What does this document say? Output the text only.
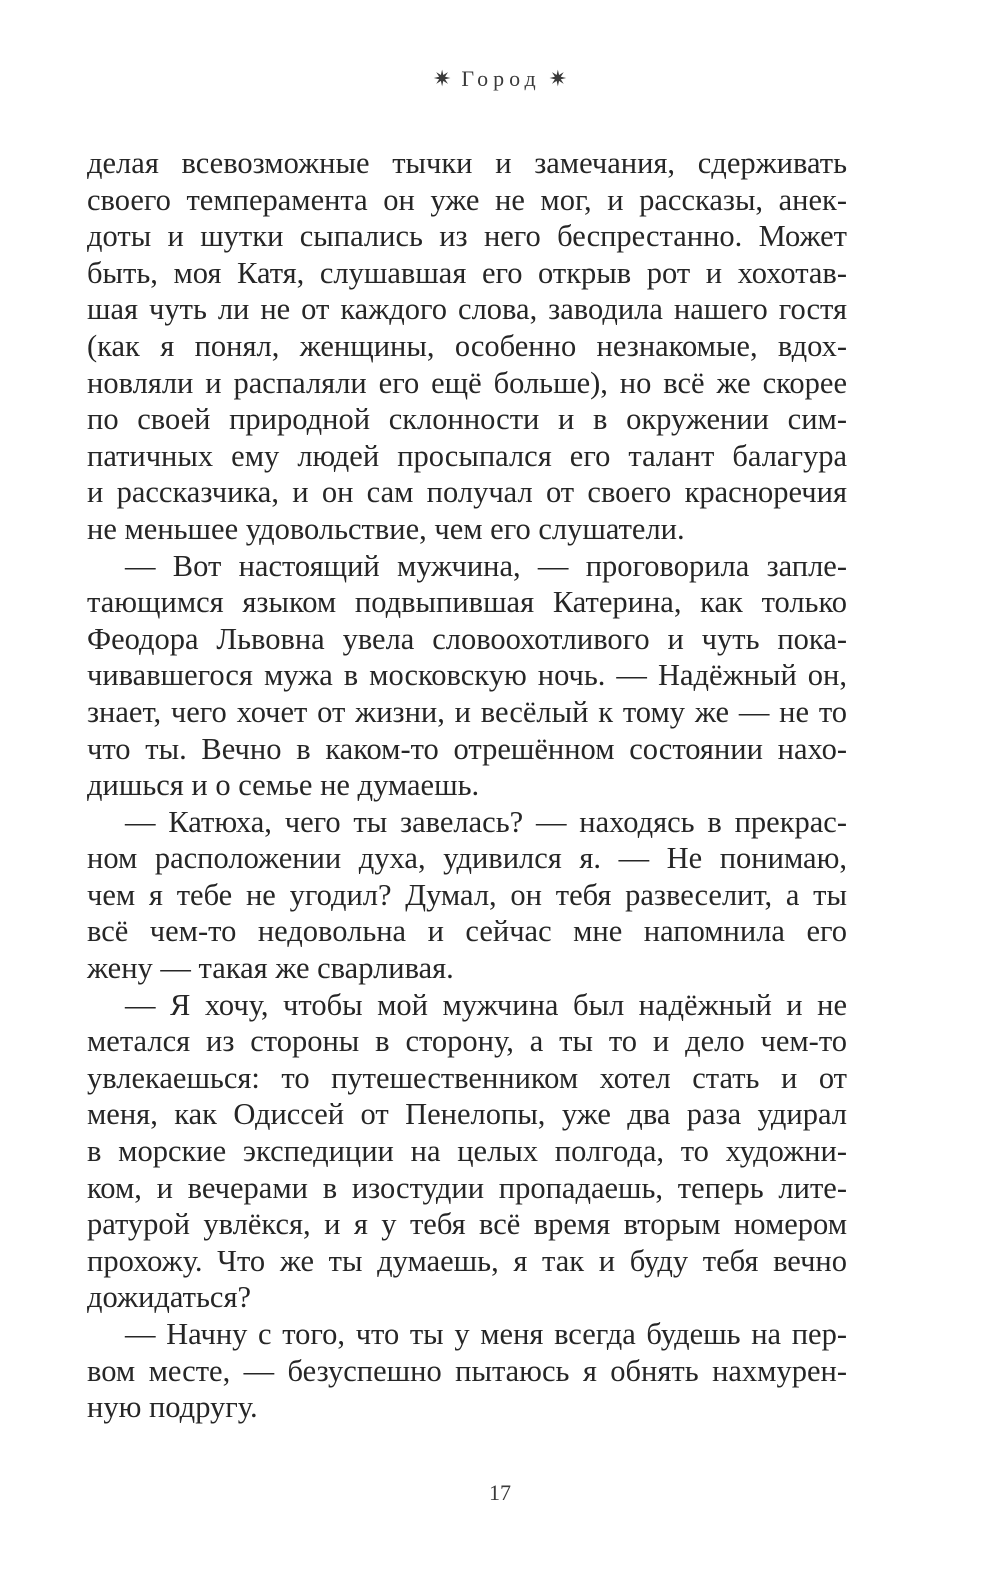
✷ Город ✷
делая всевозможные тычки и замечания, сдерживать
своего темперамента он уже не мог, и рассказы, анек-
доты и шутки сыпались из него беспрестанно. Может
быть, моя Катя, слушавшая его открыв рот и хохотав-
шая чуть ли не от каждого слова, заводила нашего гостя
(как я понял, женщины, особенно незнакомые, вдох-
новляли и распаляли его ещё больше), но всё же скорее
по своей природной склонности и в окружении сим-
патичных ему людей просыпался его талант балагура
и рассказчика, и он сам получал от своего красноречия
не меньшее удовольствие, чем его слушатели.
— Вот настоящий мужчина, — проговорила запле-
тающимся языком подвыпившая Катерина, как только
Феодора Львовна увела словоохотливого и чуть пока-
чивавшегося мужа в московскую ночь. — Надёжный он,
знает, чего хочет от жизни, и весёлый к тому же — не то
что ты. Вечно в каком-то отрешённом состоянии нахо-
дишься и о семье не думаешь.
— Катюха, чего ты завелась? — находясь в прекрас-
ном расположении духа, удивился я. — Не понимаю,
чем я тебе не угодил? Думал, он тебя развеселит, а ты
всё чем-то недовольна и сейчас мне напомнила его
жену — такая же сварливая.
— Я хочу, чтобы мой мужчина был надёжный и не
метался из стороны в сторону, а ты то и дело чем-то
увлекаешься: то путешественником хотел стать и от
меня, как Одиссей от Пенелопы, уже два раза удирал
в морские экспедиции на целых полгода, то художни-
ком, и вечерами в изостудии пропадаешь, теперь лите-
ратурой увлёкся, и я у тебя всё время вторым номером
прохожу. Что же ты думаешь, я так и буду тебя вечно
дожидаться?
— Начну с того, что ты у меня всегда будешь на пер-
вом месте, — безуспешно пытаюсь я обнять нахмурен-
ную подругу.
17
